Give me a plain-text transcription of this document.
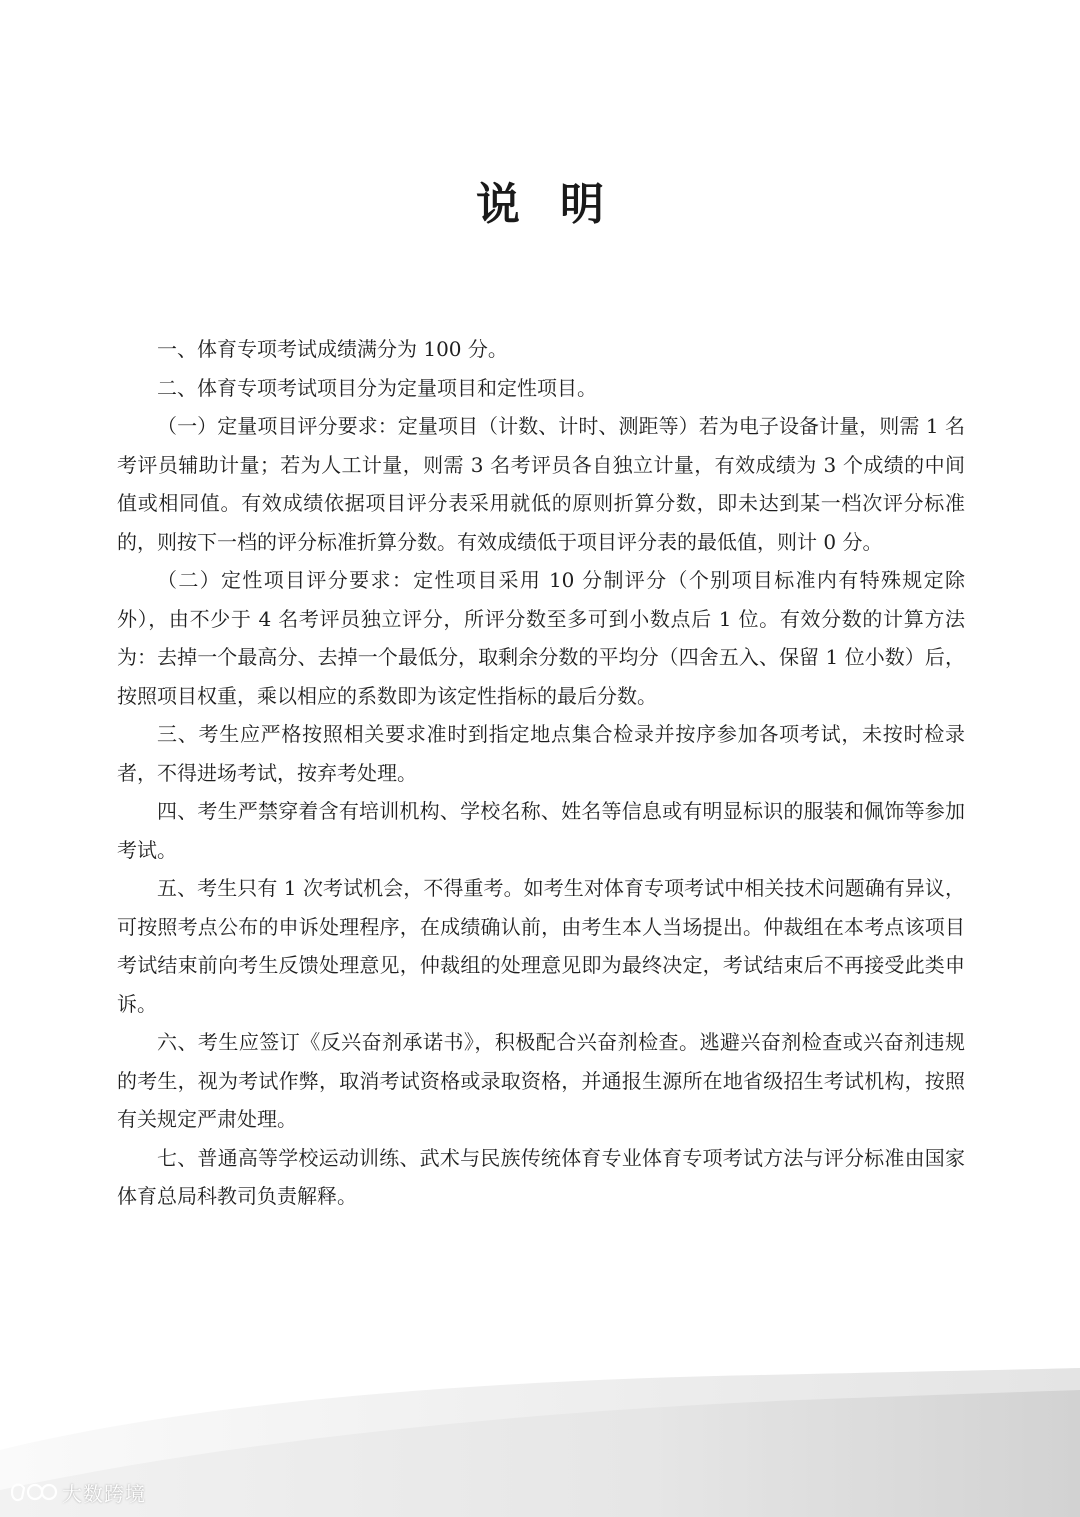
说明

一、体育专项考试成绩满分为 100 分。

二、体育专项考试项目分为定量项目和定性项目。

（一）定量项目评分要求：定量项目（计数、计时、测距等）若为电子设备计量，则需 1 名考评员辅助计量；若为人工计量，则需 3 名考评员各自独立计量，有效成绩为 3 个成绩的中间值或相同值。有效成绩依据项目评分表采用就低的原则折算分数，即未达到某一档次评分标准的，则按下一档的评分标准折算分数。有效成绩低于项目评分表的最低值，则计 0 分。

（二）定性项目评分要求：定性项目采用 10 分制评分（个别项目标准内有特殊规定除外），由不少于 4 名考评员独立评分，所评分数至多可到小数点后 1 位。有效分数的计算方法为：去掉一个最高分、去掉一个最低分，取剩余分数的平均分（四舍五入、保留 1 位小数）后，按照项目权重，乘以相应的系数即为该定性指标的最后分数。

三、考生应严格按照相关要求准时到指定地点集合检录并按序参加各项考试，未按时检录者，不得进场考试，按弃考处理。

四、考生严禁穿着含有培训机构、学校名称、姓名等信息或有明显标识的服装和佩饰等参加考试。

五、考生只有 1 次考试机会，不得重考。如考生对体育专项考试中相关技术问题确有异议，可按照考点公布的申诉处理程序，在成绩确认前，由考生本人当场提出。仲裁组在本考点该项目考试结束前向考生反馈处理意见，仲裁组的处理意见即为最终决定，考试结束后不再接受此类申诉。

六、考生应签订《反兴奋剂承诺书》，积极配合兴奋剂检查。逃避兴奋剂检查或兴奋剂违规的考生，视为考试作弊，取消考试资格或录取资格，并通报生源所在地省级招生考试机构，按照有关规定严肃处理。

七、普通高等学校运动训练、武术与民族传统体育专业体育专项考试方法与评分标准由国家体育总局科教司负责解释。

大数跨境
